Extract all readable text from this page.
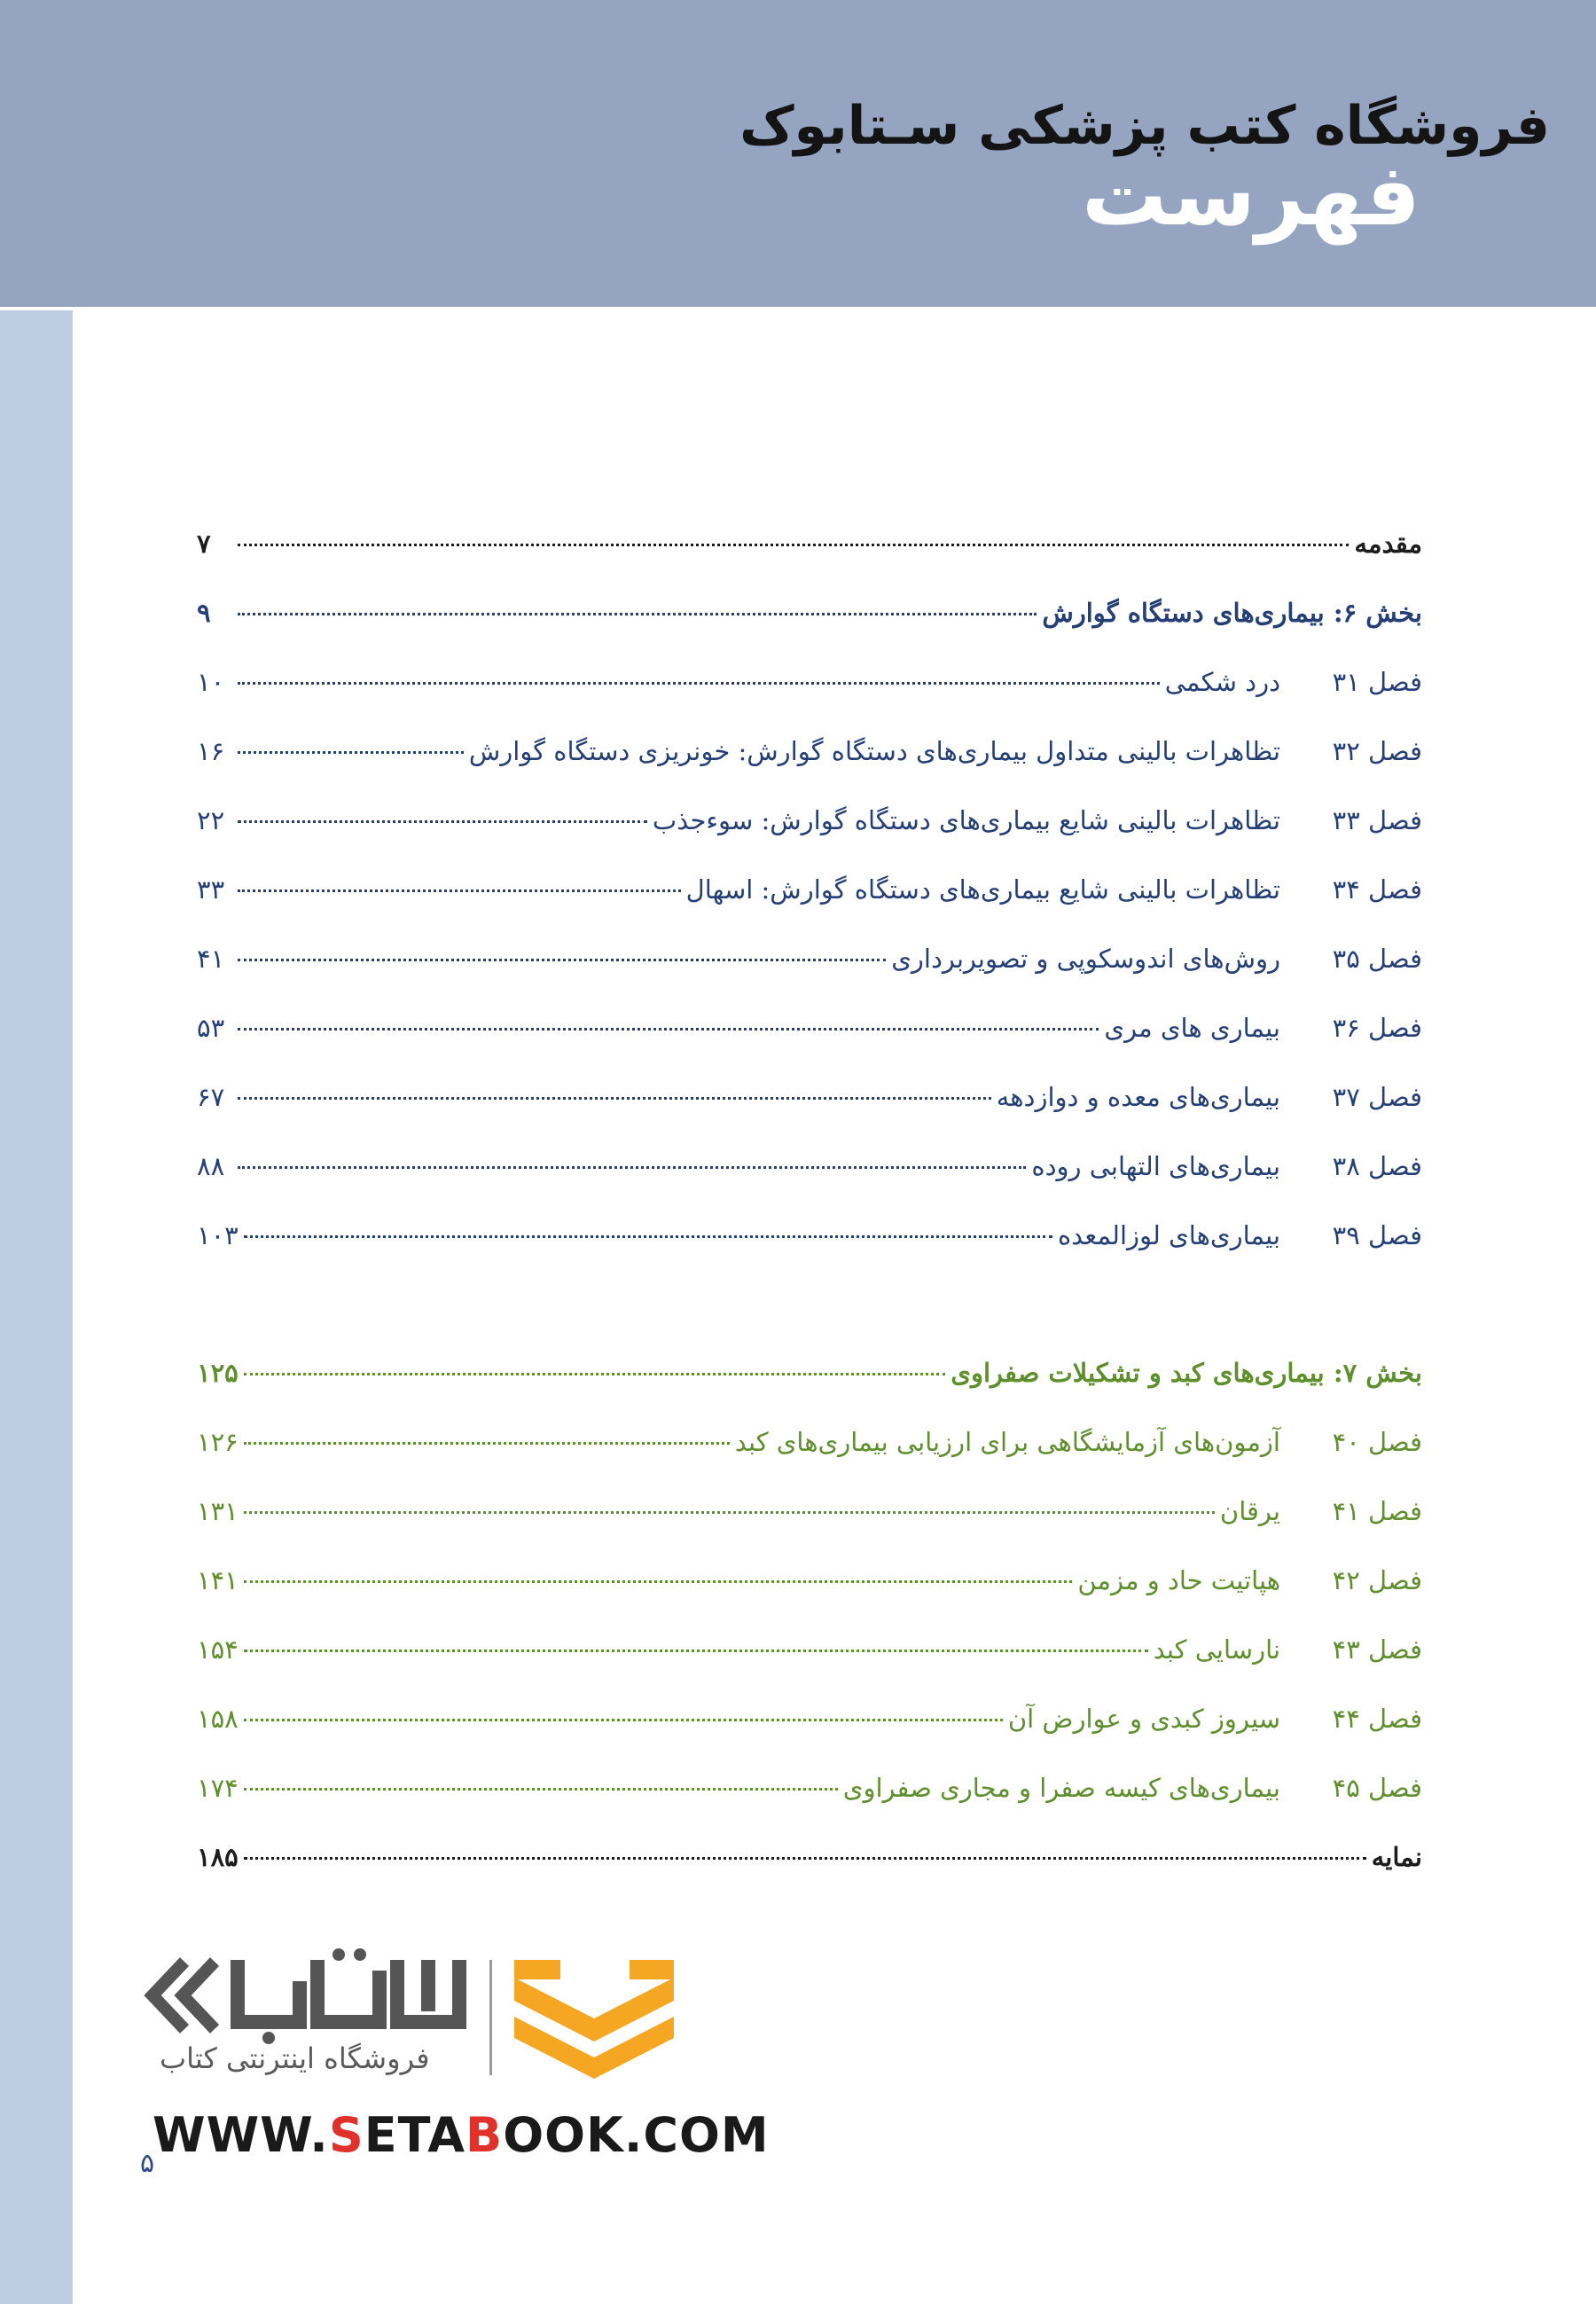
فروشگاه کتب پزشکی سـتابوک
فهرست
مقدمه
۷
بخش ۶: بیماری‌های دستگاه گوارش
۹
فصل ۳۱
درد شکمی
۱۰
فصل ۳۲
تظاهرات بالینی متداول بیماری‌های دستگاه گوارش: خونریزی دستگاه گوارش
۱۶
فصل ۳۳
تظاهرات بالینی شایع بیماری‌های دستگاه گوارش: سوءجذب
۲۲
فصل ۳۴
تظاهرات بالینی شایع بیماری‌های دستگاه گوارش: اسهال
۳۳
فصل ۳۵
روش‌های اندوسکوپی و تصویربرداری
۴۱
فصل ۳۶
بیماری های مری
۵۳
فصل ۳۷
بیماری‌های معده و دوازدهه
۶۷
فصل ۳۸
بیماری‌های التهابی روده
۸۸
فصل ۳۹
بیماری‌های لوزالمعده
۱۰۳
بخش ۷: بیماری‌های کبد و تشکیلات صفراوی
۱۲۵
فصل ۴۰
آزمون‌های آزمایشگاهی برای ارزیابی بیماری‌های کبد
۱۲۶
فصل ۴۱
یرقان
۱۳۱
فصل ۴۲
هپاتیت حاد و مزمن
۱۴۱
فصل ۴۳
نارسایی کبد
۱۵۴
فصل ۴۴
سیروز کبدی و عوارض آن
۱۵۸
فصل ۴۵
بیماری‌های کیسه صفرا و مجاری صفراوی
۱۷۴
نمایه
۱۸۵
فروشگاه اینترنتی کتاب
WWW.SETABOOK.COM
۵
